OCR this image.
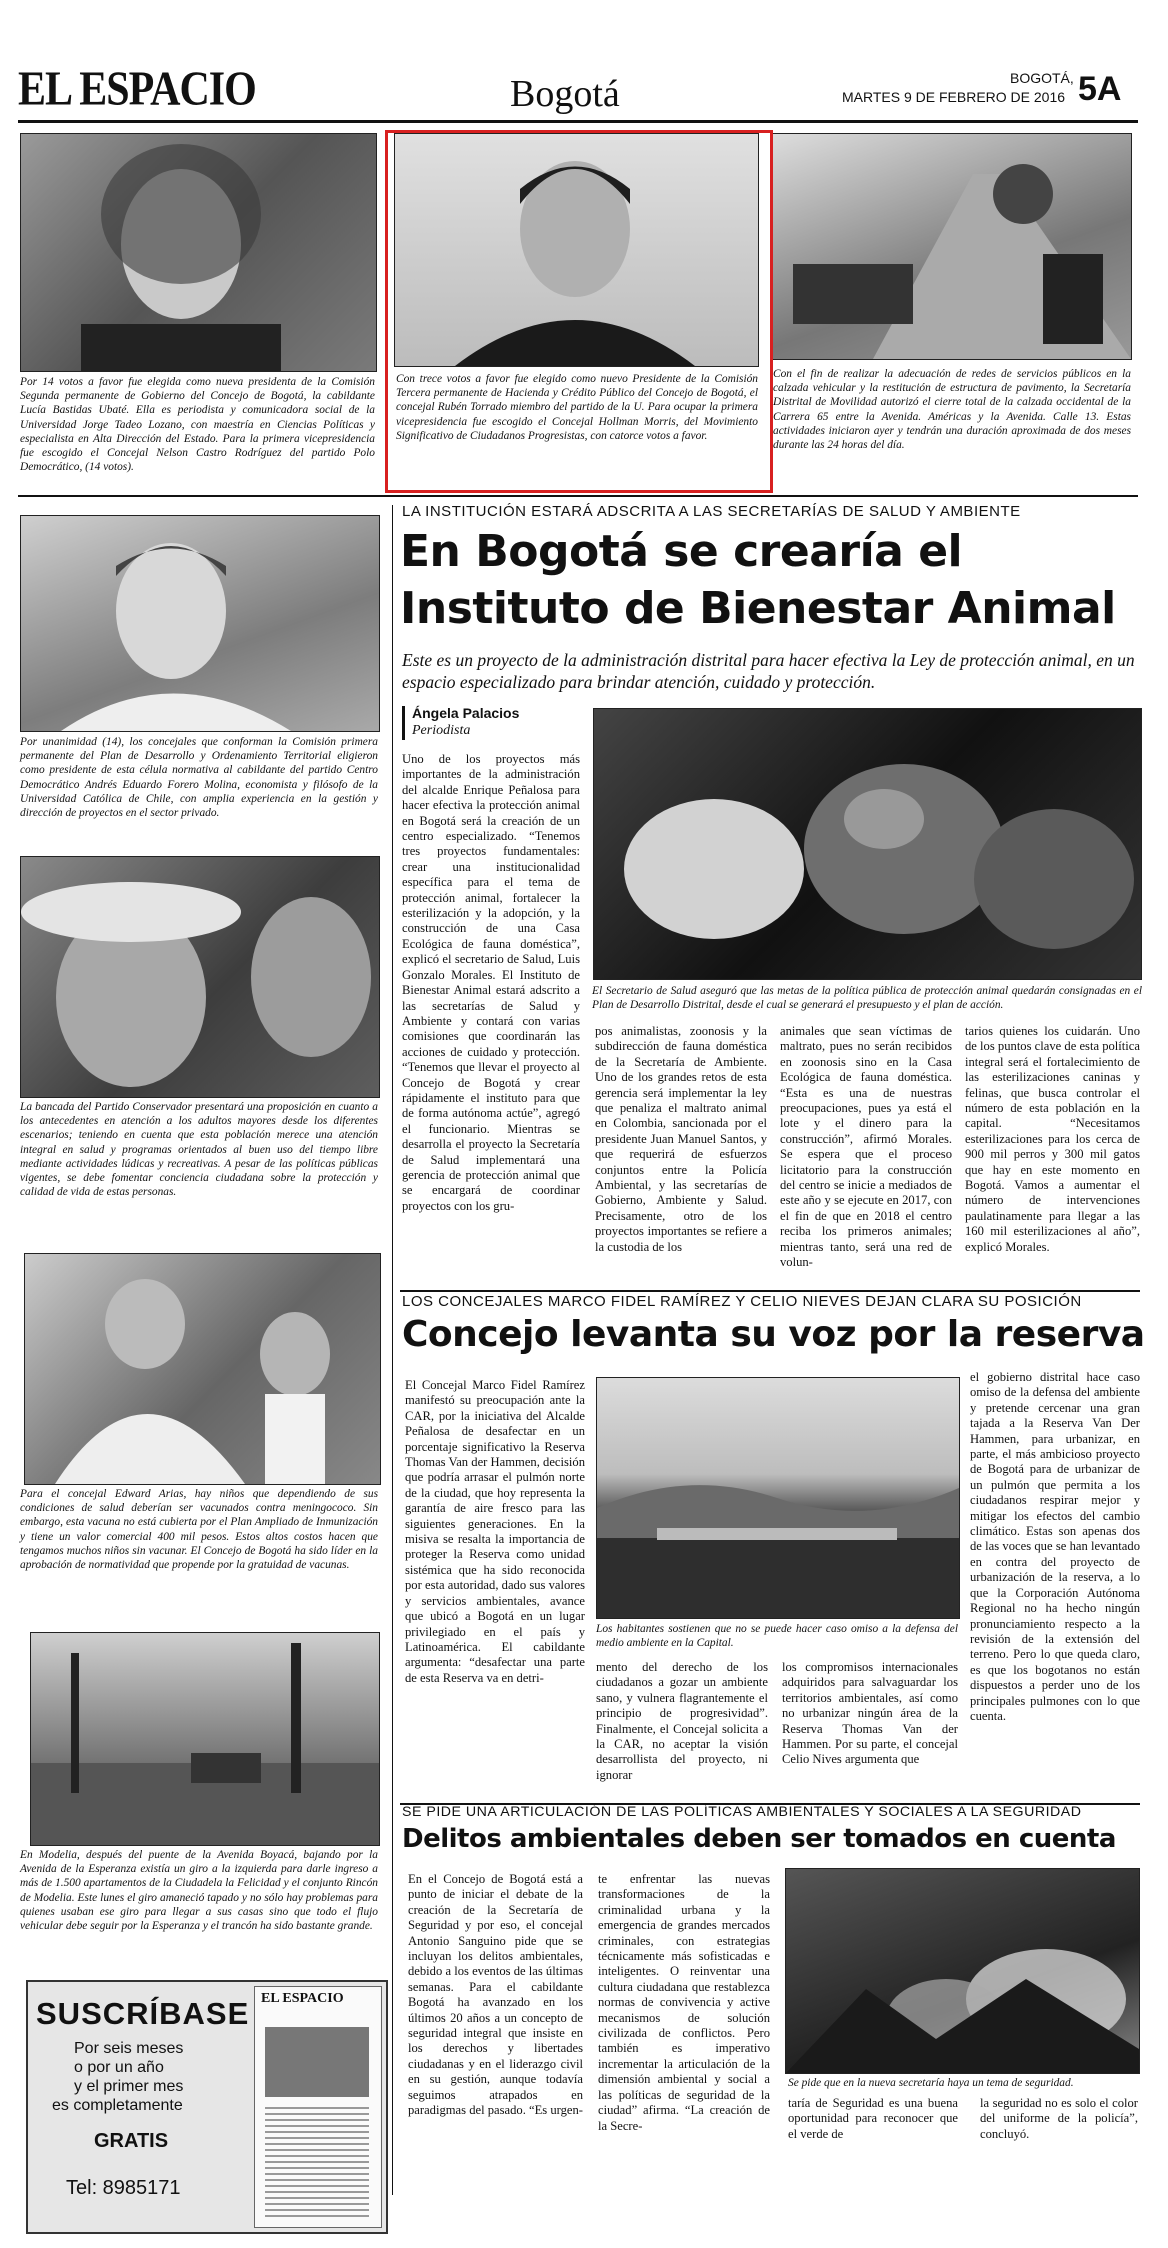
EL ESPACIO	Bogotá	BOGOTÁ,
MARTES 9 DE FEBRERO DE 2016 5A
Por 14 votos a favor fue elegida como nueva presidenta de la Comisión Segunda permanente de Gobierno del Concejo de Bogotá, la cabildante Lucía Bastidas Ubaté. Ella es periodista y comunicadora social de la Universidad Jorge Tadeo Lozano, con maestría en Ciencias Políticas y especialista en Alta Dirección del Estado. Para la primera vicepresidencia fue escogido el Concejal Nelson Castro Rodríguez del partido Polo Democrático, (14 votos).
Con trece votos a favor fue elegido como nuevo Presidente de la Comisión Tercera permanente de Hacienda y Crédito Público del Concejo de Bogotá, el concejal Rubén Torrado miembro del partido de la U. Para ocupar la primera vicepresidencia fue escogido el Concejal Hollman Morris, del Movimiento Significativo de Ciudadanos Progresistas, con catorce votos a favor.
Con el fin de realizar la adecuación de redes de servicios públicos en la calzada vehicular y la restitución de estructura de pavimento, la Secretaría Distrital de Movilidad autorizó el cierre total de la calzada occidental de la Carrera 65 entre la Avenida. Américas y la Avenida. Calle 13. Estas actividades iniciaron ayer y tendrán una duración aproximada de dos meses durante las 24 horas del día.
Por unanimidad (14), los concejales que conforman la Comisión primera permanente del Plan de Desarrollo y Ordenamiento Territorial eligieron como presidente de esta célula normativa al cabildante del partido Centro Democrático Andrés Eduardo Forero Molina, economista y filósofo de la Universidad Católica de Chile, con amplia experiencia en la gestión y dirección de proyectos en el sector privado.
La bancada del Partido Conservador presentará una proposición en cuanto a los antecedentes en atención a los adultos mayores desde los diferentes escenarios; teniendo en cuenta que esta población merece una atención integral en salud y programas orientados al buen uso del tiempo libre mediante actividades lúdicas y recreativas. A pesar de las políticas públicas vigentes, se debe fomentar conciencia ciudadana sobre la protección y calidad de vida de estas personas.
Para el concejal Edward Arias, hay niños que dependiendo de sus condiciones de salud deberían ser vacunados contra meningococo. Sin embargo, esta vacuna no está cubierta por el Plan Ampliado de Inmunización y tiene un valor comercial 400 mil pesos. Estos altos costos hacen que tengamos muchos niños sin vacunar. El Concejo de Bogotá ha sido líder en la aprobación de normatividad que propende por la gratuidad de vacunas.
En Modelia, después del puente de la Avenida Boyacá, bajando por la Avenida de la Esperanza existía un giro a la izquierda para darle ingreso a más de 1.500 apartamentos de la Ciudadela la Felicidad y el conjunto Rincón de Modelia. Este lunes el giro amaneció tapado y no sólo hay problemas para quienes usaban ese giro para llegar a sus casas sino que todo el flujo vehicular debe seguir por la Esperanza y el trancón ha sido bastante grande.
SUSCRÍBASE
Por seis meses
o por un año
y el primer mes
es completamente
GRATIS
Tel: 8985171
EL ESPACIO
LA INSTITUCIÓN ESTARÁ ADSCRITA A LAS SECRETARÍAS DE SALUD Y AMBIENTE
En Bogotá se crearía el
Instituto de Bienestar Animal
Este es un proyecto de la administración distrital para hacer efectiva la Ley de protección animal, en un espacio especializado para brindar atención, cuidado y protección.
Ángela Palacios
Periodista
El Secretario de Salud aseguró que las metas de la política pública de protección animal quedarán consignadas en el Plan de Desarrollo Distrital, desde el cual se generará el presupuesto y el plan de acción.
Uno de los proyectos más importantes de la administración del alcalde Enrique Peñalosa para hacer efectiva la protección animal en Bogotá será la creación de un centro especializado. “Tenemos tres proyectos fundamentales: crear una institucionalidad específica para el tema de protección animal, fortalecer la esterilización y la adopción, y la construcción de una Casa Ecológica de fauna doméstica”, explicó el secretario de Salud, Luis Gonzalo Morales. El Instituto de Bienestar Animal estará adscrito a las secretarías de Salud y Ambiente y contará con varias comisiones que coordinarán las acciones de cuidado y protección. “Tenemos que llevar el proyecto al Concejo de Bogotá y crear rápidamente el instituto para que de forma autónoma actúe”, agregó el funcionario. Mientras se desarrolla el proyecto la Secretaría de Salud implementará una gerencia de protección animal que se encargará de coordinar proyectos con los gru-
pos animalistas, zoonosis y la subdirección de fauna doméstica de la Secretaría de Ambiente. Uno de los grandes retos de esta gerencia será implementar la ley que penaliza el maltrato animal en Colombia, sancionada por el presidente Juan Manuel Santos, y que requerirá de esfuerzos conjuntos entre la Policía Ambiental, y las secretarías de Gobierno, Ambiente y Salud. Precisamente, otro de los proyectos importantes se refiere a la custodia de los
animales que sean víctimas de maltrato, pues no serán recibidos en zoonosis sino en la Casa Ecológica de fauna doméstica. “Esta es una de nuestras preocupaciones, pues ya está el lote y el dinero para la construcción”, afirmó Morales. Se espera que el proceso licitatorio para la construcción del centro se inicie a mediados de este año y se ejecute en 2017, con el fin de que en 2018 el centro reciba los primeros animales; mientras tanto, será una red de volun-
tarios quienes los cuidarán. Uno de los puntos clave de esta política integral será el fortalecimiento de las esterilizaciones caninas y felinas, que busca controlar el número de esta población en la capital. “Necesitamos esterilizaciones para los cerca de 900 mil perros y 300 mil gatos que hay en este momento en Bogotá. Vamos a aumentar el número de intervenciones paulatinamente para llegar a las 160 mil esterilizaciones al año”, explicó Morales.
LOS CONCEJALES MARCO FIDEL RAMÍREZ Y CELIO NIEVES DEJAN CLARA SU POSICIÓN
Concejo levanta su voz por la reserva
El Concejal Marco Fidel Ramírez manifestó su preocupación ante la CAR, por la iniciativa del Alcalde Peñalosa de desafectar en un porcentaje significativo la Reserva Thomas Van der Hammen, decisión que podría arrasar el pulmón norte de la ciudad, que hoy representa la garantía de aire fresco para las siguientes generaciones. En la misiva se resalta la importancia de proteger la Reserva como unidad sistémica que ha sido reconocida por esta autoridad, dado sus valores y servicios ambientales, avance que ubicó a Bogotá en un lugar privilegiado en el país y Latinoamérica. El cabildante argumenta: “desafectar una parte de esta Reserva va en detri-
Los habitantes sostienen que no se puede hacer caso omiso a la defensa del medio ambiente en la Capital.
mento del derecho de los ciudadanos a gozar un ambiente sano, y vulnera flagrantemente el principio de progresividad”. Finalmente, el Concejal solicita a la CAR, no aceptar la visión desarrollista del proyecto, ni ignorar
los compromisos internacionales adquiridos para salvaguardar los territorios ambientales, así como no urbanizar ningún área de la Reserva Thomas Van der Hammen. Por su parte, el concejal Celio Nives argumenta que
el gobierno distrital hace caso omiso de la defensa del ambiente y pretende cercenar una gran tajada a la Reserva Van Der Hammen, para urbanizar, en parte, el más ambicioso proyecto de Bogotá para de urbanizar de un pulmón que permita a los ciudadanos respirar mejor y mitigar los efectos del cambio climático. Estas son apenas dos de las voces que se han levantado en contra del proyecto de urbanización de la reserva, a lo que la Corporación Autónoma Regional no ha hecho ningún pronunciamiento respecto a la revisión de la extensión del terreno. Pero lo que queda claro, es que los bogotanos no están dispuestos a perder uno de los principales pulmones con lo que cuenta.
SE PIDE UNA ARTICULACIÓN DE LAS POLÍTICAS AMBIENTALES Y SOCIALES A LA SEGURIDAD
Delitos ambientales deben ser tomados en cuenta
En el Concejo de Bogotá está a punto de iniciar el debate de la creación de la Secretaría de Seguridad y por eso, el concejal Antonio Sanguino pide que se incluyan los delitos ambientales, debido a los eventos de las últimas semanas. Para el cabildante Bogotá ha avanzado en los últimos 20 años a un concepto de seguridad integral que insiste en los derechos y libertades ciudadanas y en el liderazgo civil en su gestión, aunque todavía seguimos atrapados en paradigmas del pasado. “Es urgen-
te enfrentar las nuevas transformaciones de la criminalidad urbana y la emergencia de grandes mercados criminales, con estrategias técnicamente más sofisticadas e inteligentes. O reinventar una cultura ciudadana que restablezca normas de convivencia y active mecanismos de solución civilizada de conflictos. Pero también es imperativo incrementar la articulación de la dimensión ambiental y social a las políticas de seguridad de la ciudad” afirma. “La creación de la Secre-
Se pide que en la nueva secretaría haya un tema de seguridad.
taría de Seguridad es una buena oportunidad para reconocer que el verde de
la seguridad no es solo el color del uniforme de la policía”, concluyó.
